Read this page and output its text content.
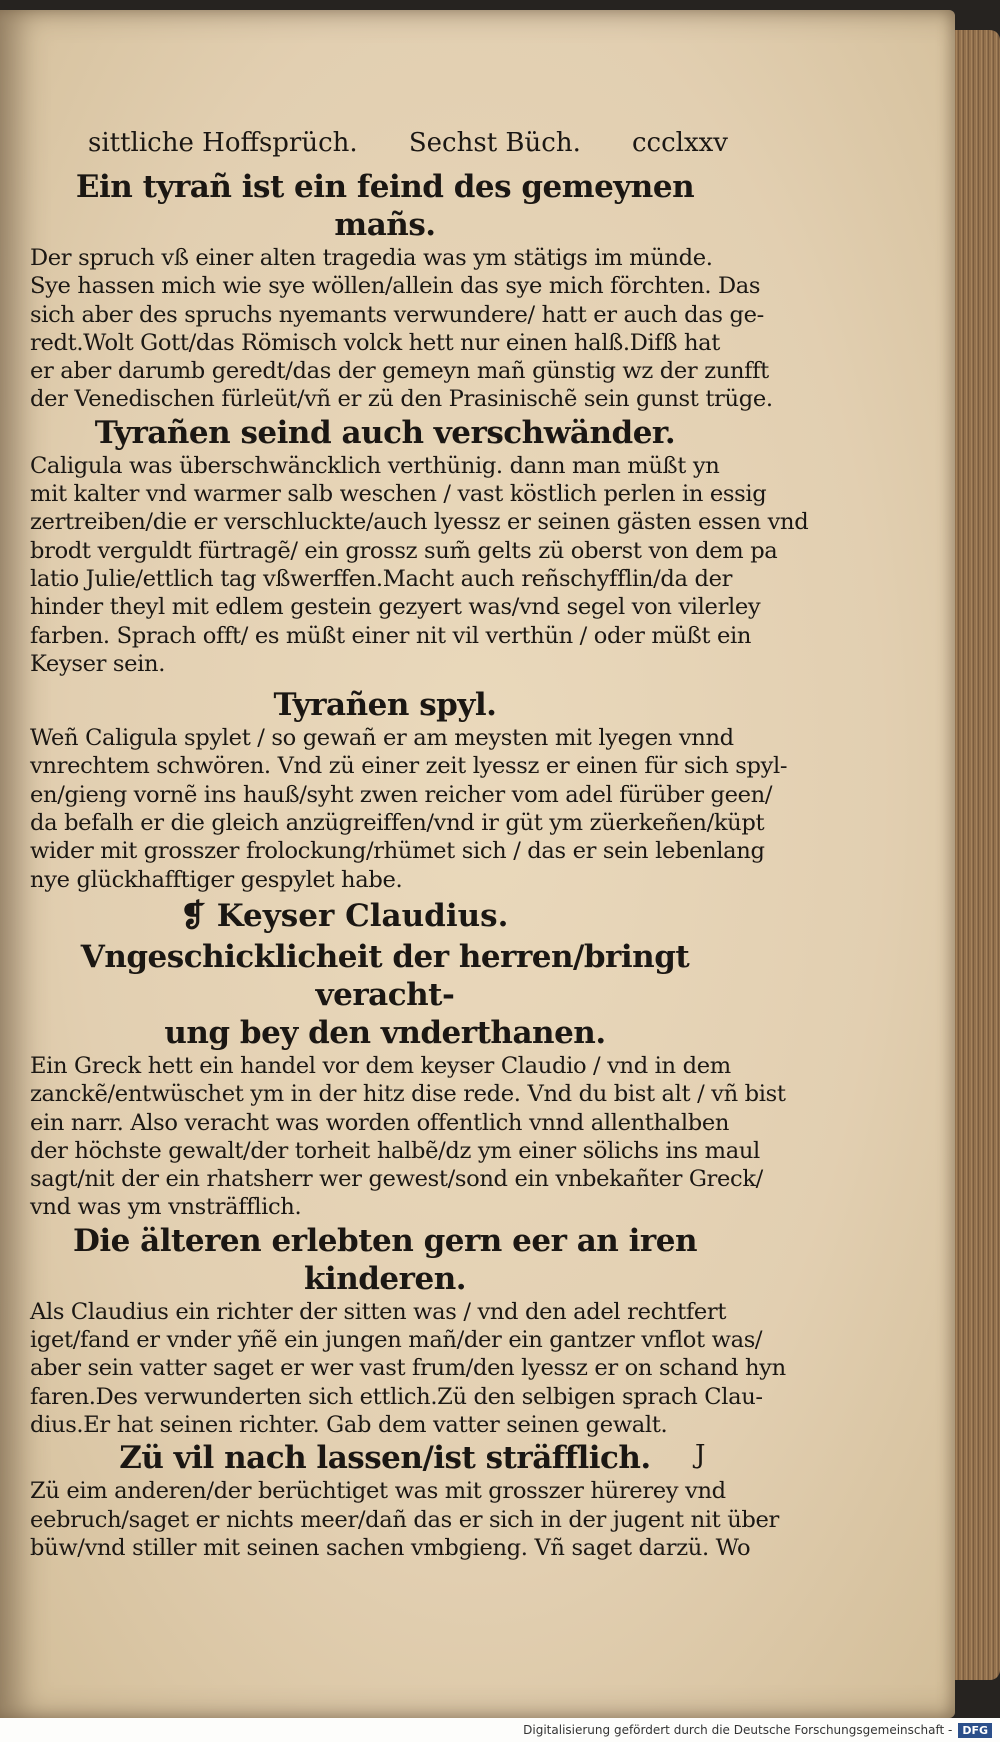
sittliche Hoffsprüch. Sechst Büch. ccclxxv

Ein tyrañ ist ein feind des gemeynen mañs.

Der spruch vß einer alten tragedia was ym stätigs im münde.
Sye hassen mich wie sye wöllen/allein das sye mich förchten. Das
sich aber des spruchs nyemants verwundere/ hatt er auch das ge-
redt.Wolt Gott/das Römisch volck hett nur einen halß.Difß hat
er aber darumb geredt/das der gemeyn mañ günstig wz der zunfft
der Venedischen fürleüt/vñ er zü den Prasinischẽ sein gunst trüge.

Tyrañen seind auch verschwänder.

Caligula was überschwäncklich verthünig. dann man müßt yn
mit kalter vnd warmer salb weschen / vast köstlich perlen in essig
zertreiben/die er verschluckte/auch lyessz er seinen gästen essen vnd
brodt verguldt fürtragẽ/ ein grossz sum̃ gelts zü oberst von dem pa
latio Julie/ettlich tag vßwerffen.Macht auch reñschyfflin/da der
hinder theyl mit edlem gestein gezyert was/vnd segel von vilerley
farben. Sprach offt/ es müßt einer nit vil verthün / oder müßt ein
Keyser sein.

Tyrañen spyl.

Weñ Caligula spylet / so gewañ er am meysten mit lyegen vnnd
vnrechtem schwören. Vnd zü einer zeit lyessz er einen für sich spyl-
en/gieng vornẽ ins hauß/syht zwen reicher vom adel fürüber geen/
da befalh er die gleich anzügreiffen/vnd ir güt ym züerkeñen/küpt
wider mit grosszer frolockung/rhümet sich / das er sein lebenlang
nye glückhafftiger gespylet habe.

❡ Keyser Claudius.

Vngeschicklicheit der herren/bringt veracht-

ung bey den vnderthanen.

Ein Greck hett ein handel vor dem keyser Claudio / vnd in dem
zanckẽ/entwüschet ym in der hitz dise rede. Vnd du bist alt / vñ bist
ein narr. Also veracht was worden offentlich vnnd allenthalben
der höchste gewalt/der torheit halbẽ/dz ym einer sölichs ins maul
sagt/nit der ein rhatsherr wer gewest/sond ein vnbekañter Greck/
vnd was ym vnsträfflich.

Die älteren erlebten gern eer an iren kinderen.

Als Claudius ein richter der sitten was / vnd den adel rechtfert
iget/fand er vnder yñẽ ein jungen mañ/der ein gantzer vnflot was/
aber sein vatter saget er wer vast frum/den lyessz er on schand hyn
faren.Des verwunderten sich ettlich.Zü den selbigen sprach Clau-
dius.Er hat seinen richter. Gab dem vatter seinen gewalt.

Zü vil nach lassen/ist sträfflich.

Zü eim anderen/der berüchtiget was mit grosszer hürerey vnd
eebruch/saget er nichts meer/dañ das er sich in der jugent nit über
büw/vnd stiller mit seinen sachen vmbgieng. Vñ saget darzü. Wo

J
Digitalisierung gefördert durch die Deutsche Forschungsgemeinschaft - DFG
